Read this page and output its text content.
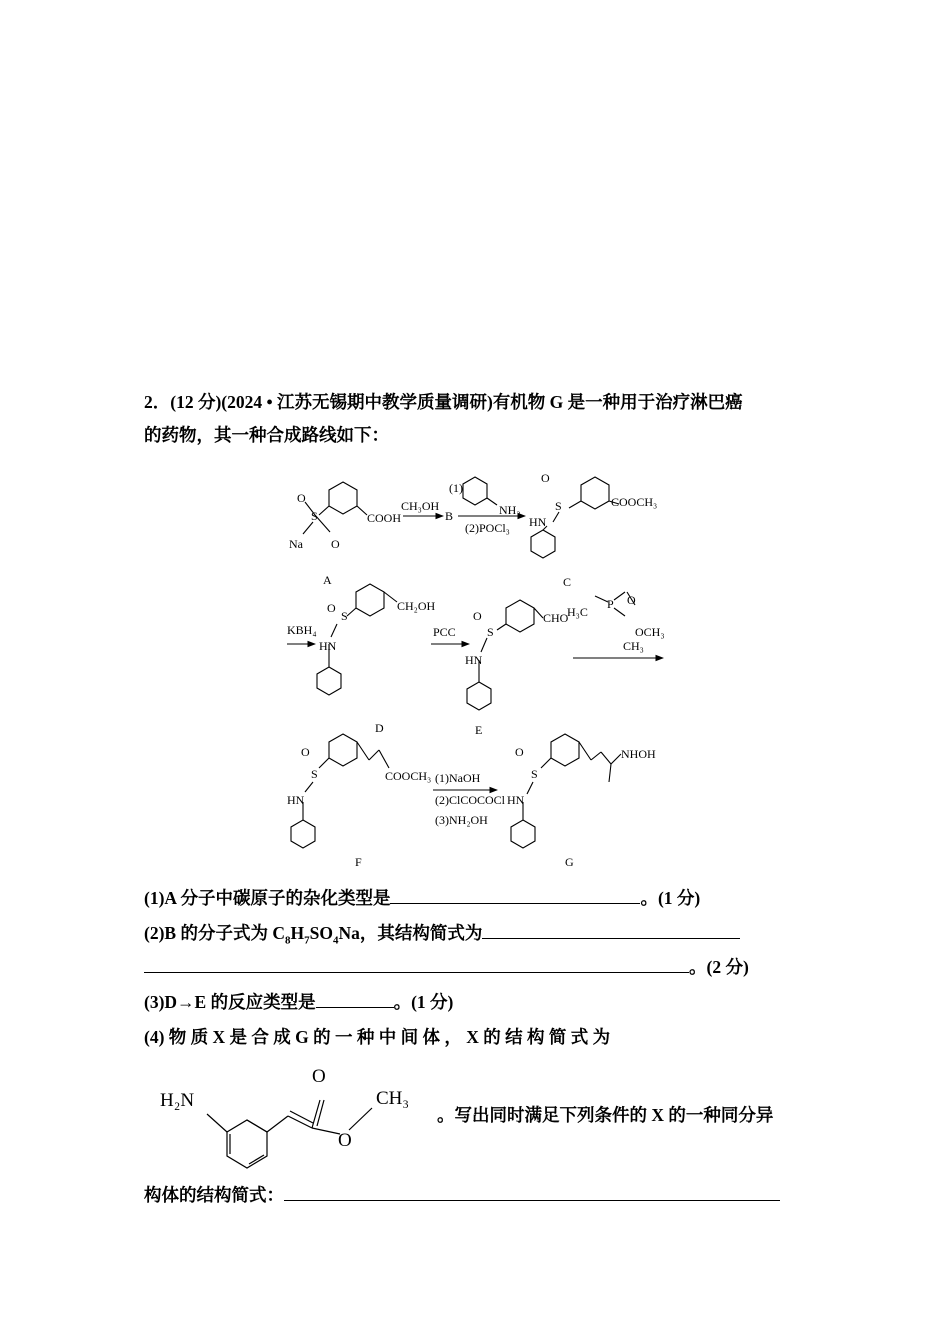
2．(12 分)(2024 • 江苏无锡期中教学质量调研)有机物 G 是一种用于治疗淋巴癌
的药物，其一种合成路线如下：
O
S
O
Na
COOH
A
CH₃OH
B
(1)
NH₂
(2)POCl₃
O
S
HN
COOCH₃
C
KBH₄
O
S
HN
CH₂OH
D
PCC
O
S
HN
CHO
E
H₃C
P O
OCH₃
CH₃
O
S
HN
COOCH₃
F
(1)NaOH
(2)ClCOCOCl
(3)NH₂OH
O
S
HN
NHOH
G
(1)A 分子中碳原子的杂化类型是	。(1 分)
(2)B 的分子式为 $C_8H_7SO_4Na$，其结构简式为
。(2 分)
(3)D→E 的反应类型是	。(1 分)
(4) 物 质 X 是 合 成 G 的 一 种 中 间 体 ， X 的 结 构 简 式 为
H₂N
O
O
CH₃
。写出同时满足下列条件的 X 的一种同分异
构体的结构简式：
